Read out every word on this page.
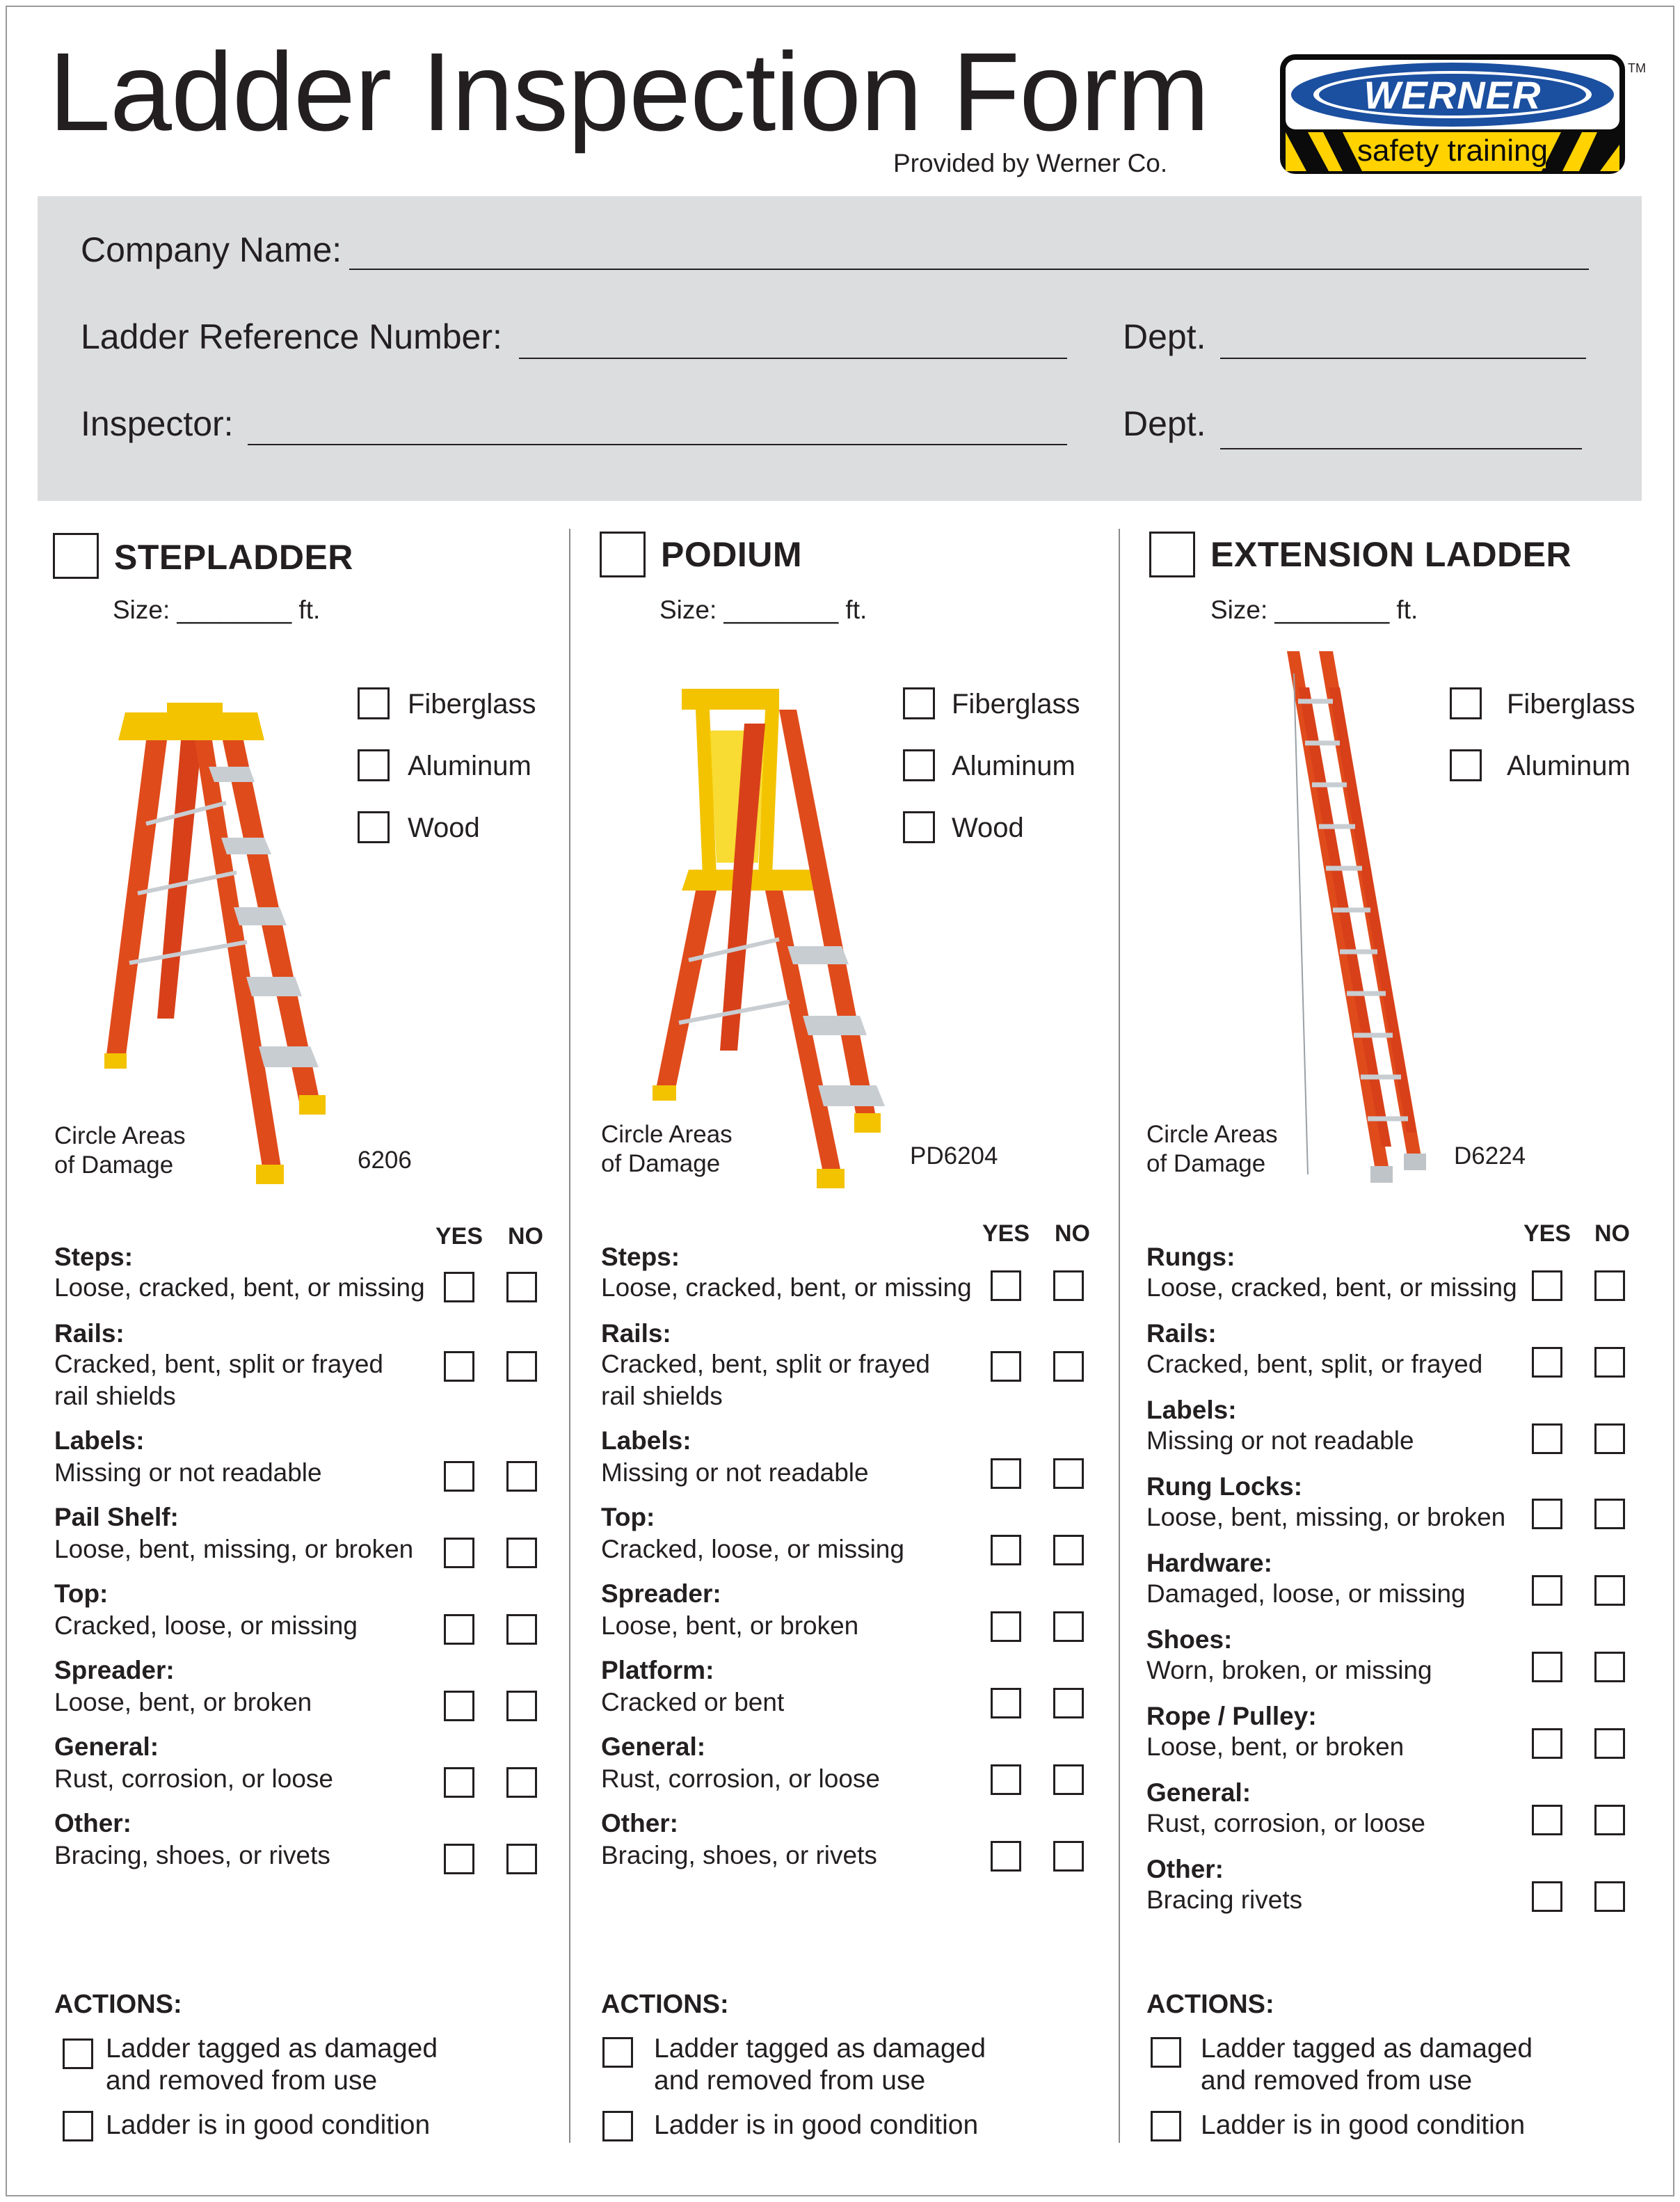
Ladder Inspection Form
Provided by Werner Co.
WERNER
safety training
TM
Company Name:
Ladder Reference Number:	Dept.
Inspector:	Dept.
STEPLADDER
Size: ________ ft.
Fiberglass
Aluminum
Wood
Circle Areas
of Damage	6206
YES NO
Steps:
Loose, cracked, bent, or missing
Rails:
Cracked, bent, split or frayed
rail shields
Labels:
Missing or not readable
Pail Shelf:
Loose, bent, missing, or broken
Top:
Cracked, loose, or missing
Spreader:
Loose, bent, or broken
General:
Rust, corrosion, or loose
Other:
Bracing, shoes, or rivets
ACTIONS:
Ladder tagged as damaged
and removed from use
Ladder is in good condition
PODIUM
Size: ________ ft.
Fiberglass
Aluminum
Wood
Circle Areas
of Damage	PD6204
YES NO
Steps:
Loose, cracked, bent, or missing
Rails:
Cracked, bent, split or frayed
rail shields
Labels:
Missing or not readable
Top:
Cracked, loose, or missing
Spreader:
Loose, bent, or broken
Platform:
Cracked or bent
General:
Rust, corrosion, or loose
Other:
Bracing, shoes, or rivets
ACTIONS:
Ladder tagged as damaged
and removed from use
Ladder is in good condition
EXTENSION LADDER
Size: ________ ft.
Fiberglass
Aluminum
Circle Areas
of Damage	D6224
YES NO
Rungs:
Loose, cracked, bent, or missing
Rails:
Cracked, bent, split, or frayed
Labels:
Missing or not readable
Rung Locks:
Loose, bent, missing, or broken
Hardware:
Damaged, loose, or missing
Shoes:
Worn, broken, or missing
Rope / Pulley:
Loose, bent, or broken
General:
Rust, corrosion, or loose
Other:
Bracing rivets
ACTIONS:
Ladder tagged as damaged
and removed from use
Ladder is in good condition
